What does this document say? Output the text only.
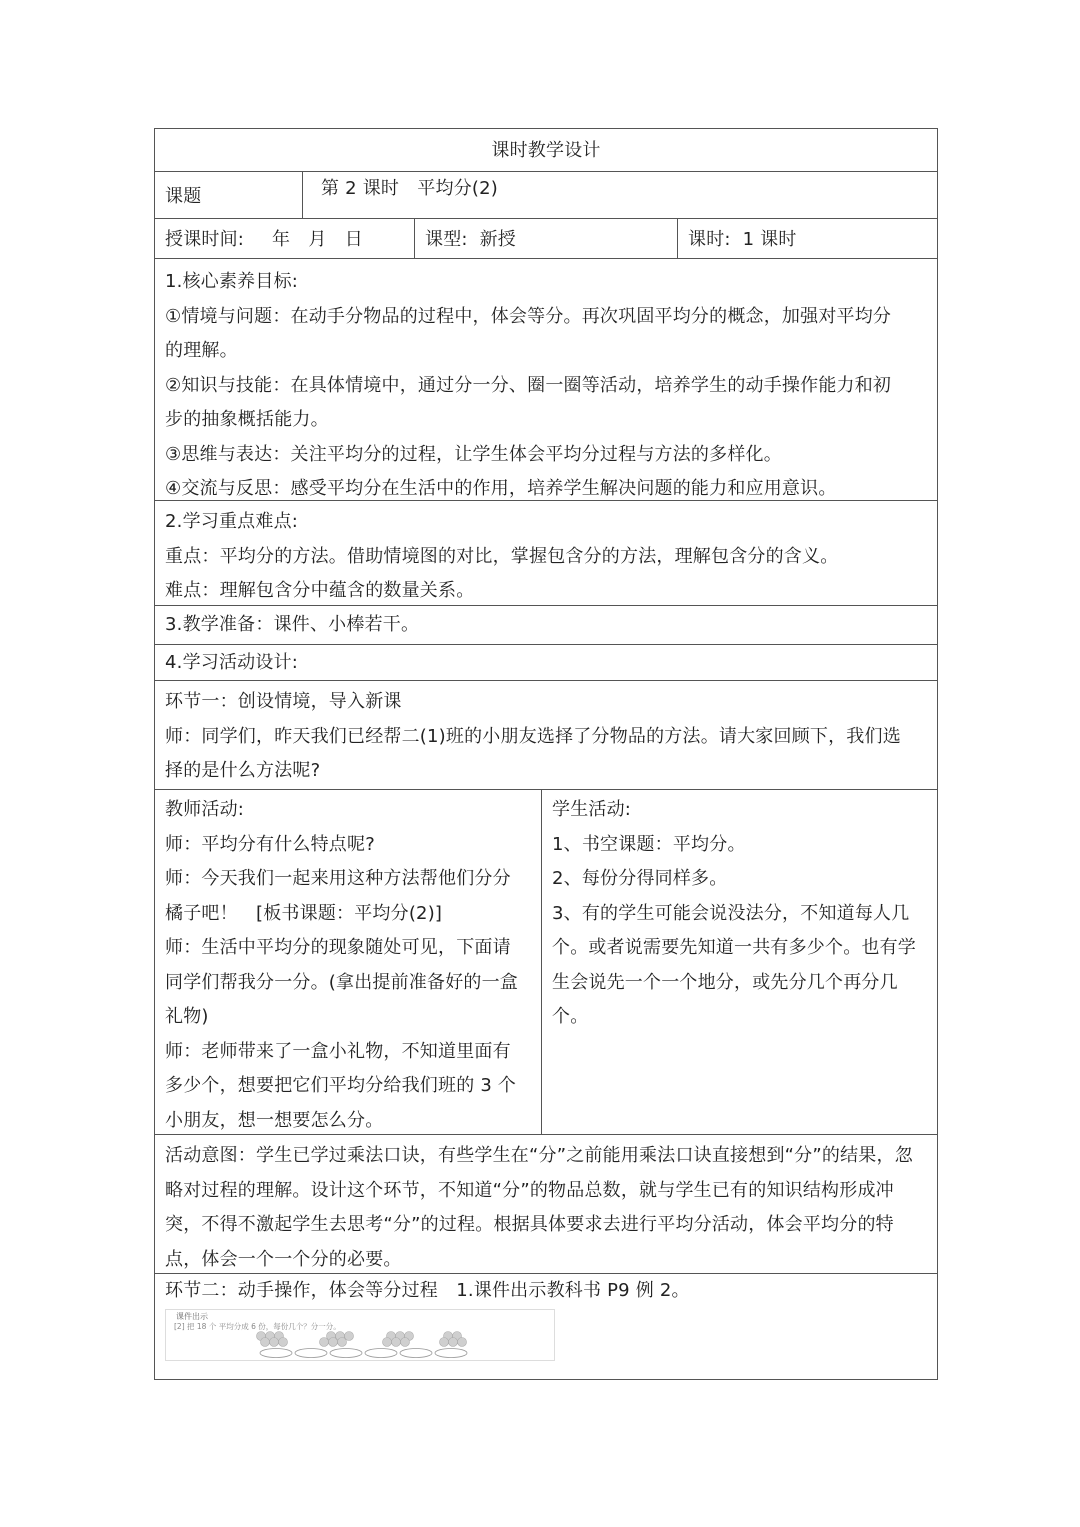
课时教学设计
课题	第 2 课时　平均分(2)
授课时间: 年　月　日	课型: 新授	课时: 1 课时
1.核心素养目标:
①情境与问题：在动手分物品的过程中，体会等分。再次巩固平均分的概念，加强对平均分
的理解。
②知识与技能：在具体情境中，通过分一分、圈一圈等活动，培养学生的动手操作能力和初
步的抽象概括能力。
③思维与表达：关注平均分的过程，让学生体会平均分过程与方法的多样化。
④交流与反思：感受平均分在生活中的作用，培养学生解决问题的能力和应用意识。
2.学习重点难点:
重点：平均分的方法。借助情境图的对比，掌握包含分的方法，理解包含分的含义。
难点：理解包含分中蕴含的数量关系。
3.教学准备：课件、小棒若干。
4.学习活动设计:
环节一：创设情境，导入新课
师：同学们，昨天我们已经帮二(1)班的小朋友选择了分物品的方法。请大家回顾下，我们选
择的是什么方法呢?
教师活动:
师：平均分有什么特点呢?
师：今天我们一起来用这种方法帮他们分分
橘子吧！　[板书课题：平均分(2)]
师：生活中平均分的现象随处可见，下面请
同学们帮我分一分。(拿出提前准备好的一盒
礼物)
师：老师带来了一盒小礼物，不知道里面有
多少个，想要把它们平均分给我们班的 3 个
小朋友，想一想要怎么分。
学生活动:
1、书空课题：平均分。
2、每份分得同样多。
3、有的学生可能会说没法分，不知道每人几
个。或者说需要先知道一共有多少个。也有学
生会说先一个一个地分，或先分几个再分几
个。
活动意图：学生已学过乘法口诀，有些学生在“分”之前能用乘法口诀直接想到“分”的结果，忽
略对过程的理解。设计这个环节，不知道“分”的物品总数，就与学生已有的知识结构形成冲
突，不得不激起学生去思考“分”的过程。根据具体要求去进行平均分活动，体会平均分的特
点，体会一个一个分的必要。
环节二：动手操作，体会等分过程　1.课件出示教科书 P9 例 2。
课件出示
[2] 把 18 个 平均分成 6 份，每份几个？分一分。
